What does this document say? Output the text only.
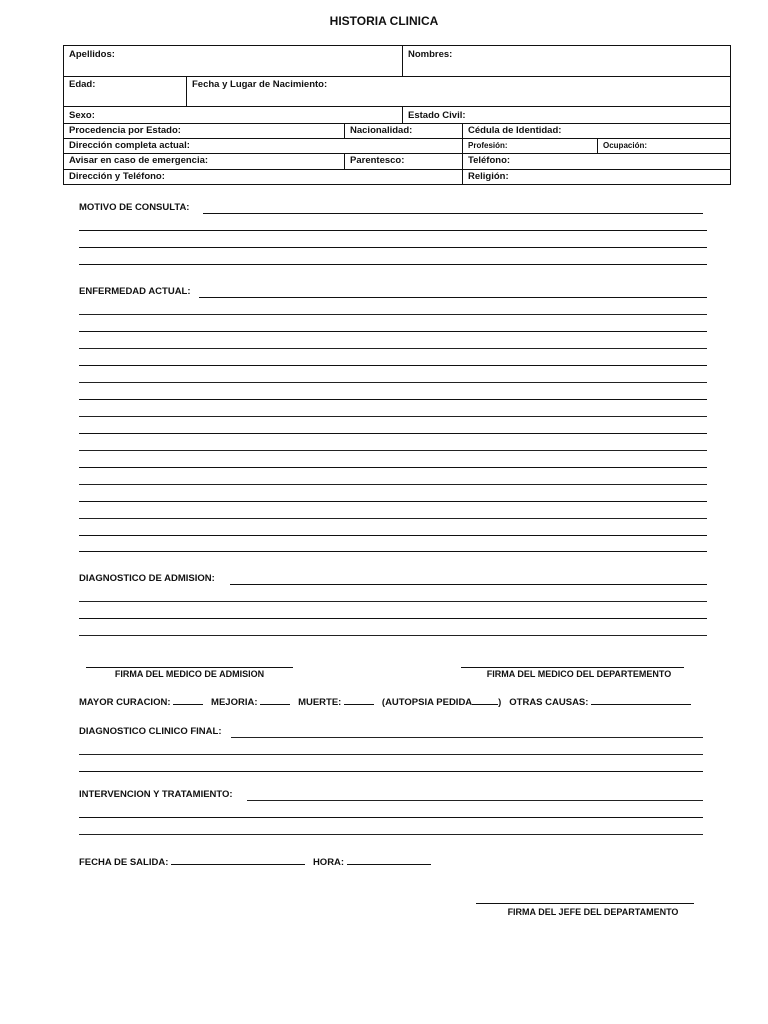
HISTORIA CLINICA
Apellidos:	Nombres:
Edad:	Fecha y Lugar de Nacimiento:
Sexo:	Estado Civil:
Procedencia por Estado:	Nacionalidad:	Cédula de Identidad:
Dirección completa actual:	Profesión:	Ocupación:
Avisar en caso de emergencia:	Parentesco:	Teléfono:
Dirección y Teléfono:	Religión:
MOTIVO DE CONSULTA:
ENFERMEDAD ACTUAL:
DIAGNOSTICO DE ADMISION:
FIRMA DEL MEDICO DE ADMISION	FIRMA DEL MEDICO DEL DEPARTEMENTO
MAYOR CURACION:	MEJORIA:	MUERTE:	(AUTOPSIA PEDIDA	) OTRAS CAUSAS:
DIAGNOSTICO CLINICO FINAL:
INTERVENCION Y TRATAMIENTO:
FECHA DE SALIDA:	HORA:
FIRMA DEL JEFE DEL DEPARTAMENTO
